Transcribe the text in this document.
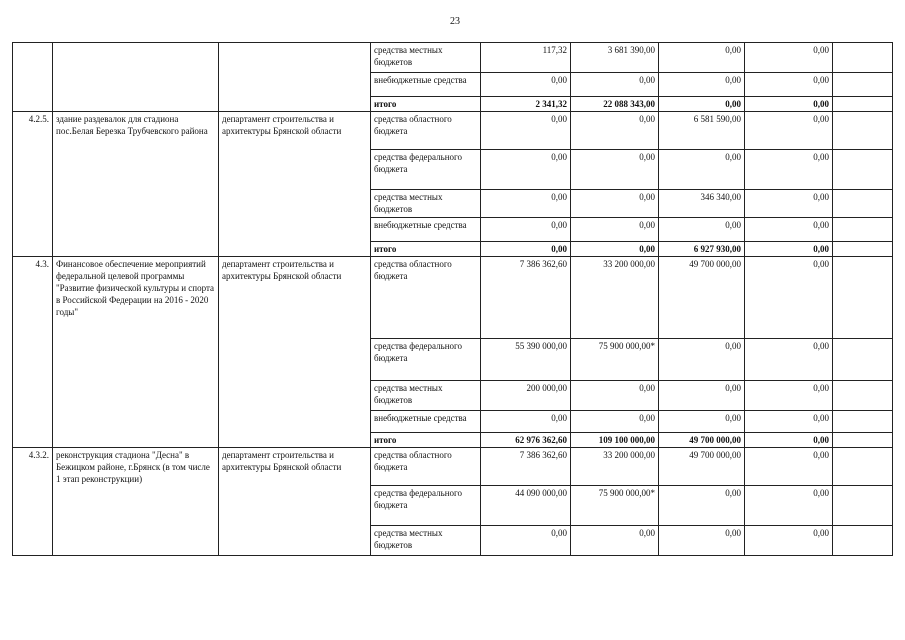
23
			средства местных бюджетов	117,32	3 681 390,00	0,00	0,00	
			внебюджетные средства	0,00	0,00	0,00	0,00	
			итого	2 341,32	22 088 343,00	0,00	0,00	
4.2.5.	здание раздевалок для стадиона пос.Белая Березка Трубчевского района	департамент строительства и архитектуры Брянской области	средства областного бюджета	0,00	0,00	6 581 590,00	0,00	
			средства федерального бюджета	0,00	0,00	0,00	0,00	
			средства местных бюджетов	0,00	0,00	346 340,00	0,00	
			внебюджетные средства	0,00	0,00	0,00	0,00	
			итого	0,00	0,00	6 927 930,00	0,00	
4.3.	Финансовое обеспечение мероприятий федеральной целевой программы "Развитие физической культуры и спорта в Российской Федерации на 2016 - 2020 годы"	департамент строительства и архитектуры Брянской области	средства областного бюджета	7 386 362,60	33 200 000,00	49 700 000,00	0,00	
			средства федерального бюджета	55 390 000,00	75 900 000,00*	0,00	0,00	
			средства местных бюджетов	200 000,00	0,00	0,00	0,00	
			внебюджетные средства	0,00	0,00	0,00	0,00	
			итого	62 976 362,60	109 100 000,00	49 700 000,00	0,00	
4.3.2.	реконструкция стадиона "Десна" в Бежицком районе, г.Брянск (в том числе 1 этап реконструкции)	департамент строительства и архитектуры Брянской области	средства областного бюджета	7 386 362,60	33 200 000,00	49 700 000,00	0,00	
			средства федерального бюджета	44 090 000,00	75 900 000,00*	0,00	0,00	
			средства местных бюджетов	0,00	0,00	0,00	0,00	
